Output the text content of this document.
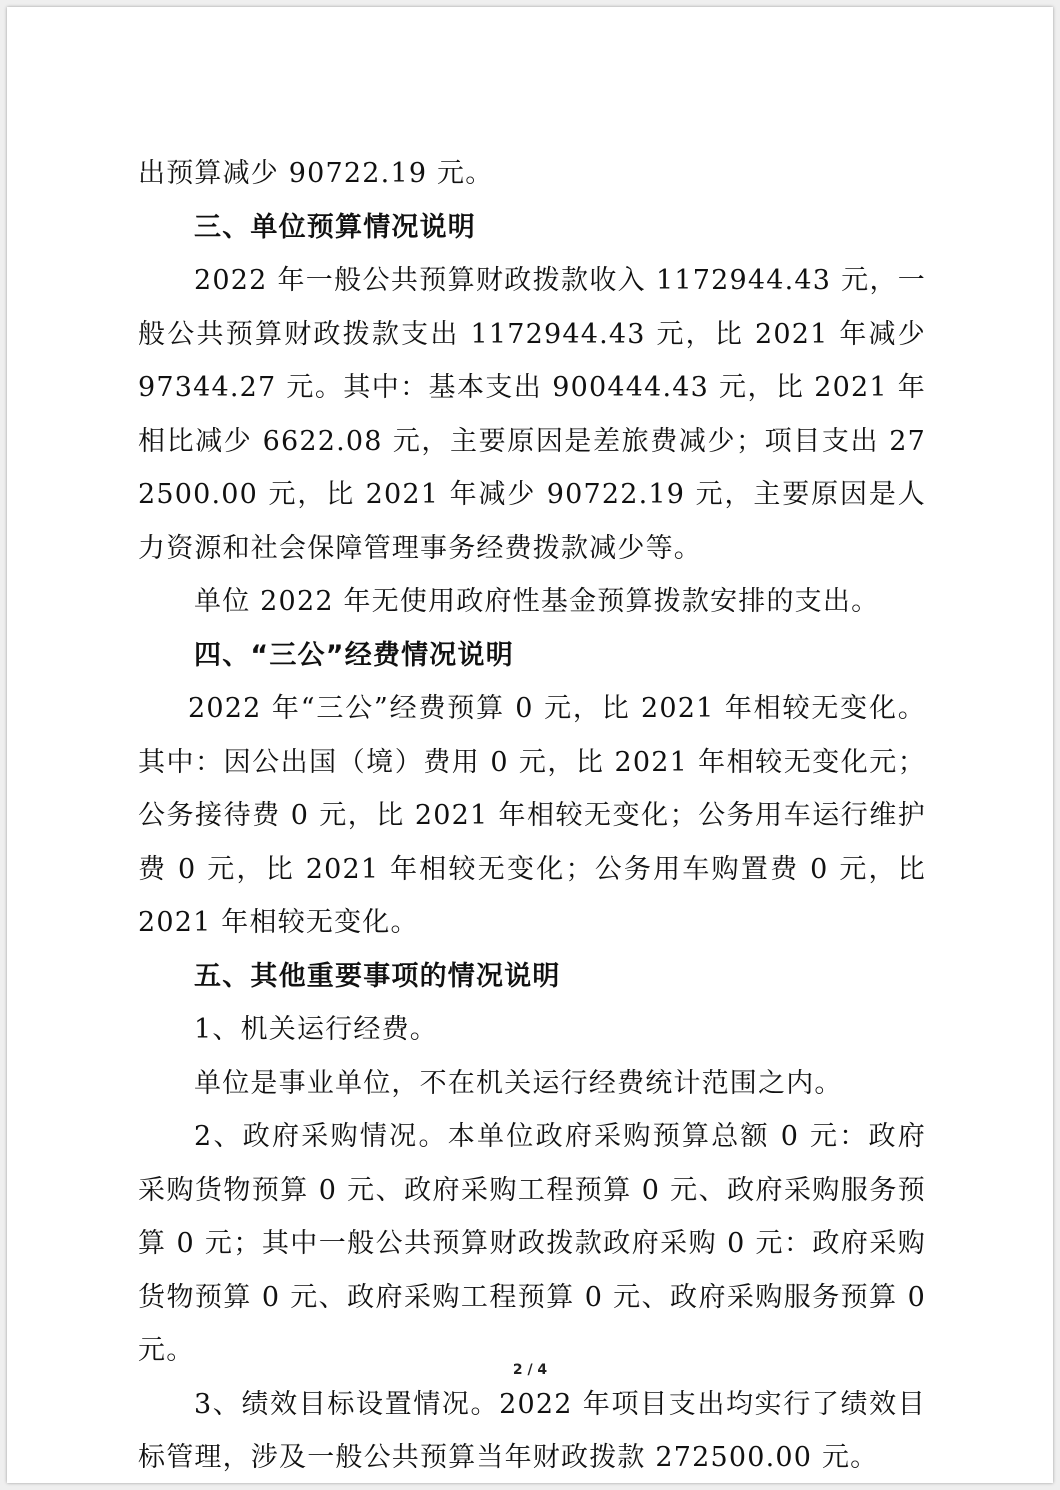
出预算减少 90722.19 元。

三、单位预算情况说明

2022 年一般公共预算财政拨款收入 1172944.43 元，一般公共预算财政拨款支出 1172944.43 元，比 2021 年减少 97344.27 元。其中：基本支出 900444.43 元，比 2021 年相比减少 6622.08 元，主要原因是差旅费减少；项目支出 272500.00 元，比 2021 年减少 90722.19 元，主要原因是人力资源和社会保障管理事务经费拨款减少等。

单位 2022 年无使用政府性基金预算拨款安排的支出。

四、“三公”经费情况说明

2022 年“三公”经费预算 0 元，比 2021 年相较无变化。其中：因公出国（境）费用 0 元，比 2021 年相较无变化元；公务接待费 0 元，比 2021 年相较无变化；公务用车运行维护费 0 元，比 2021 年相较无变化；公务用车购置费 0 元，比 2021 年相较无变化。

五、其他重要事项的情况说明

1、机关运行经费。

单位是事业单位，不在机关运行经费统计范围之内。

2、政府采购情况。本单位政府采购预算总额 0 元：政府采购货物预算 0 元、政府采购工程预算 0 元、政府采购服务预算 0 元；其中一般公共预算财政拨款政府采购 0 元：政府采购货物预算 0 元、政府采购工程预算 0 元、政府采购服务预算 0 元。

3、绩效目标设置情况。2022 年项目支出均实行了绩效目标管理，涉及一般公共预算当年财政拨款 272500.00 元。

2 / 4
